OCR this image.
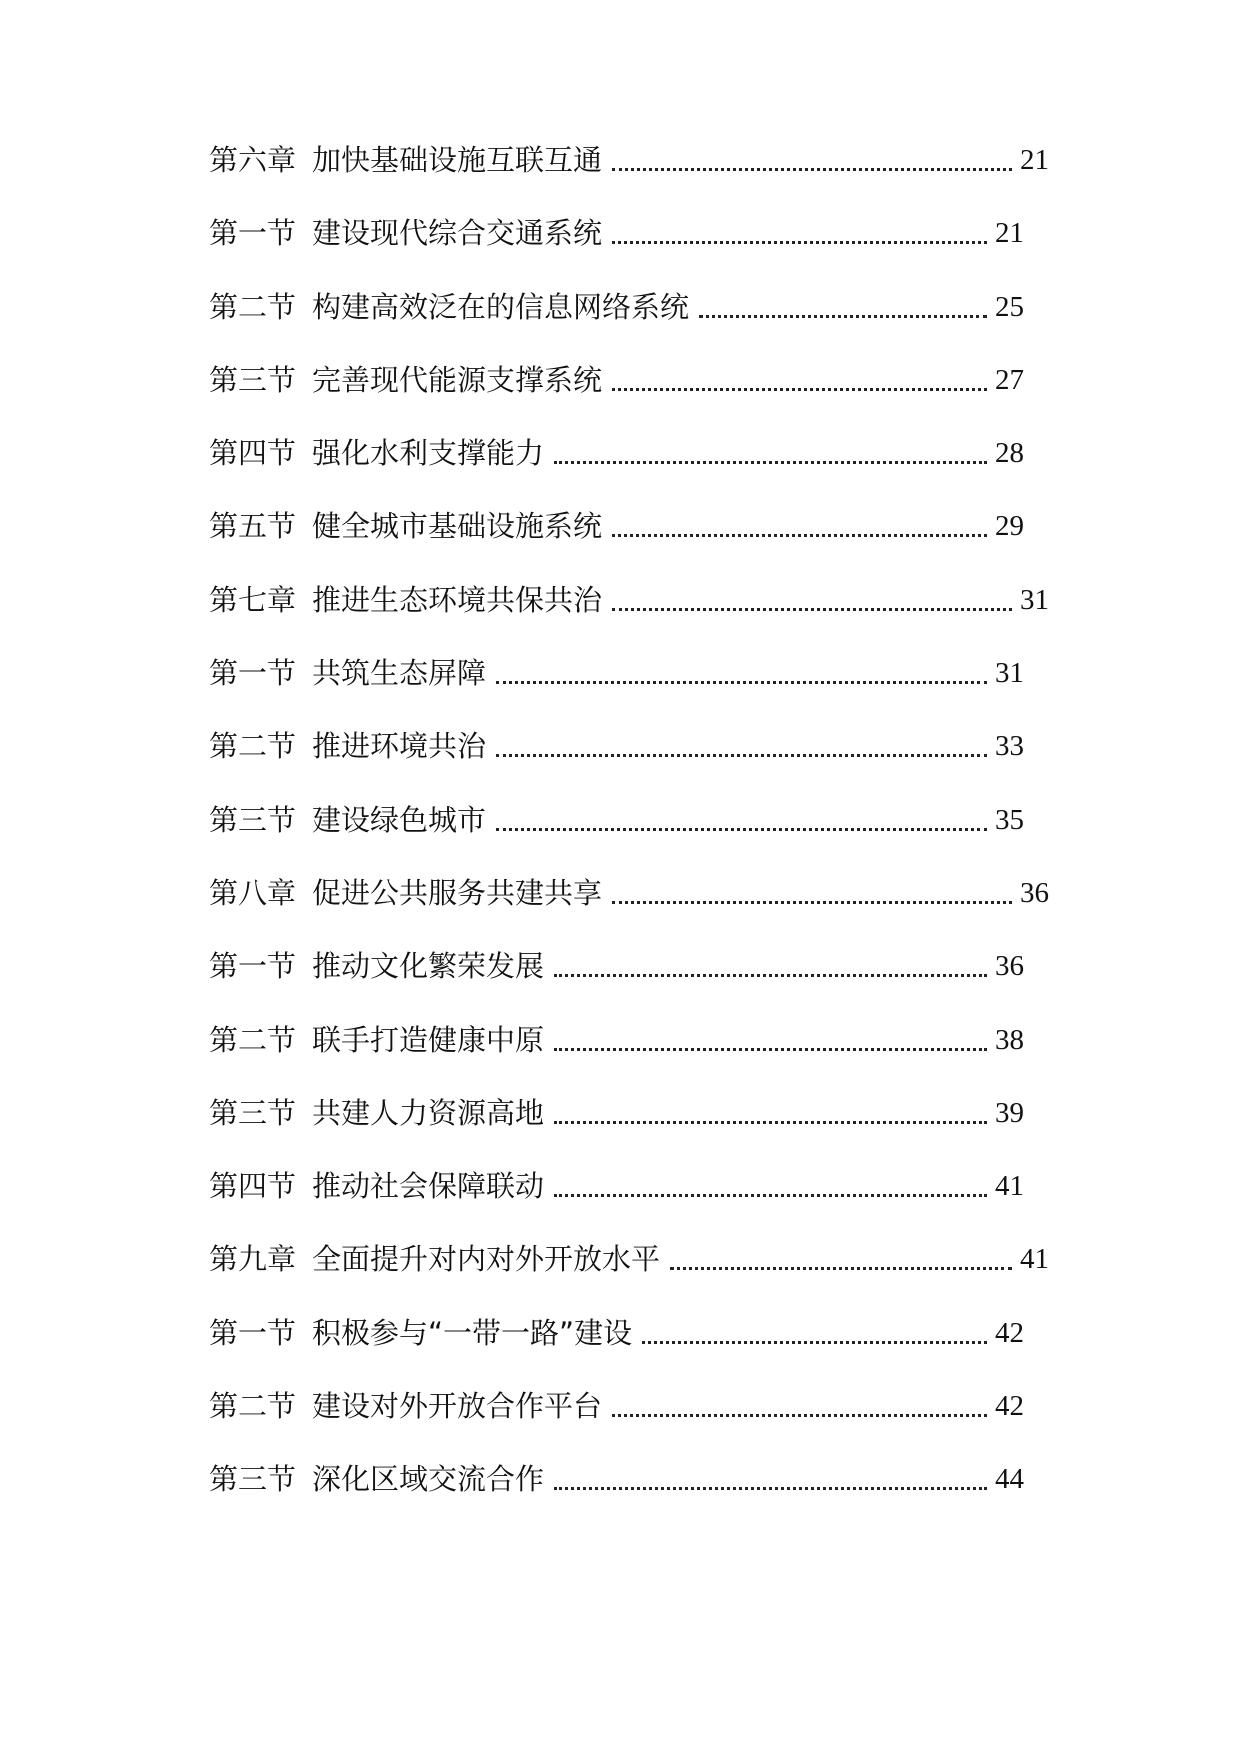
第六章 加快基础设施互联互通	21
第一节 建设现代综合交通系统	21
第二节 构建高效泛在的信息网络系统	25
第三节 完善现代能源支撑系统	27
第四节 强化水利支撑能力	28
第五节 健全城市基础设施系统	29
第七章 推进生态环境共保共治	31
第一节 共筑生态屏障	31
第二节 推进环境共治	33
第三节 建设绿色城市	35
第八章 促进公共服务共建共享	36
第一节 推动文化繁荣发展	36
第二节 联手打造健康中原	38
第三节 共建人力资源高地	39
第四节 推动社会保障联动	41
第九章 全面提升对内对外开放水平	41
第一节 积极参与“一带一路”建设	42
第二节 建设对外开放合作平台	42
第三节 深化区域交流合作	44
